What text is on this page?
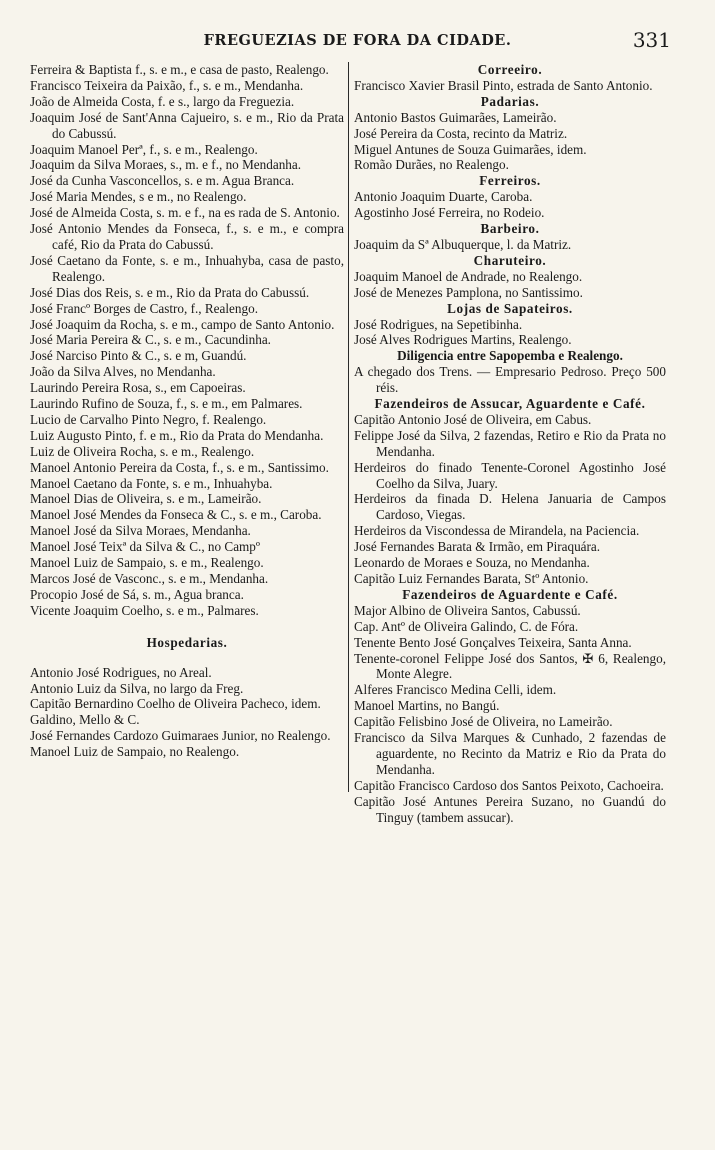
FREGUEZIAS DE FORA DA CIDADE.	331
Ferreira & Baptista f., s. e m., e casa de pasto, Realengo.
Francisco Teixeira da Paixão, f., s. e m., Mendanha.
João de Almeida Costa, f. e s., largo da Freguezia.
Joaquim José de Sant'Anna Cajueiro, s. e m., Rio da Prata do Cabussú.
Joaquim Manoel Perª, f., s. e m., Realengo.
Joaquim da Silva Moraes, s., m. e f., no Mendanha.
José da Cunha Vasconcellos, s. e m. Agua Branca.
José Maria Mendes, s e m., no Realengo.
José de Almeida Costa, s. m. e f., na es rada de S. Antonio.
José Antonio Mendes da Fonseca, f., s. e m., e compra café, Rio da Prata do Cabussú.
José Caetano da Fonte, s. e m., Inhuahyba, casa de pasto, Realengo.
José Dias dos Reis, s. e m., Rio da Prata do Cabussú.
José Francº Borges de Castro, f., Realengo.
José Joaquim da Rocha, s. e m., campo de Santo Antonio.
José Maria Pereira & C., s. e m., Cacundinha.
José Narciso Pinto & C., s. e m, Guandú.
João da Silva Alves, no Mendanha.
Laurindo Pereira Rosa, s., em Capoeiras.
Laurindo Rufino de Souza, f., s. e m., em Palmares.
Lucio de Carvalho Pinto Negro, f. Realengo.
Luiz Augusto Pinto, f. e m., Rio da Prata do Mendanha.
Luiz de Oliveira Rocha, s. e m., Realengo.
Manoel Antonio Pereira da Costa, f., s. e m., Santissimo.
Manoel Caetano da Fonte, s. e m., Inhuahyba.
Manoel Dias de Oliveira, s. e m., Lameirão.
Manoel José Mendes da Fonseca & C., s. e m., Caroba.
Manoel José da Silva Moraes, Mendanha.
Manoel José Teixª da Silva & C., no Campº
Manoel Luiz de Sampaio, s. e m., Realengo.
Marcos José de Vasconc., s. e m., Mendanha.
Procopio José de Sá, s. m., Agua branca.
Vicente Joaquim Coelho, s. e m., Palmares.
Hospedarias.
Antonio José Rodrigues, no Areal.
Antonio Luiz da Silva, no largo da Freg.
Capitão Bernardino Coelho de Oliveira Pacheco, idem.
Galdino, Mello & C.
José Fernandes Cardozo Guimaraes Junior, no Realengo.
Manoel Luiz de Sampaio, no Realengo.
Correeiro.
Francisco Xavier Brasil Pinto, estrada de Santo Antonio.
Padarias.
Antonio Bastos Guimarães, Lameirão.
José Pereira da Costa, recinto da Matriz.
Miguel Antunes de Souza Guimarães, idem.
Romão Durães, no Realengo.
Ferreiros.
Antonio Joaquim Duarte, Caroba.
Agostinho José Ferreira, no Rodeio.
Barbeiro.
Joaquim da Sª Albuquerque, l. da Matriz.
Charuteiro.
Joaquim Manoel de Andrade, no Realengo.
José de Menezes Pamplona, no Santissimo.
Lojas de Sapateiros.
José Rodrigues, na Sepetibinha.
José Alves Rodrigues Martins, Realengo.
Diligencia entre Sapopemba e Realengo.
A chegado dos Trens. — Empresario Pedroso. Preço 500 réis.
Fazendeiros de Assucar, Aguardente e Café.
Capitão Antonio José de Oliveira, em Cabus.
Felippe José da Silva, 2 fazendas, Retiro e Rio da Prata no Mendanha.
Herdeiros do finado Tenente-Coronel Agostinho José Coelho da Silva, Juary.
Herdeiros da finada D. Helena Januaria de Campos Cardoso, Viegas.
Herdeiros da Viscondessa de Mirandela, na Paciencia.
José Fernandes Barata & Irmão, em Piraquára.
Leonardo de Moraes e Souza, no Mendanha.
Capitão Luiz Fernandes Barata, Stº Antonio.
Fazendeiros de Aguardente e Café.
Major Albino de Oliveira Santos, Cabussú.
Cap. Antº de Oliveira Galindo, C. de Fóra.
Tenente Bento José Gonçalves Teixeira, Santa Anna.
Tenente-coronel Felippe José dos Santos, ✠ 6, Realengo, Monte Alegre.
Alferes Francisco Medina Celli, idem.
Manoel Martins, no Bangú.
Capitão Felisbino José de Oliveira, no Lameirão.
Francisco da Silva Marques & Cunhado, 2 fazendas de aguardente, no Recinto da Matriz e Rio da Prata do Mendanha.
Capitão Francisco Cardoso dos Santos Peixoto, Cachoeira.
Capitão José Antunes Pereira Suzano, no Guandú do Tinguy (tambem assucar).
